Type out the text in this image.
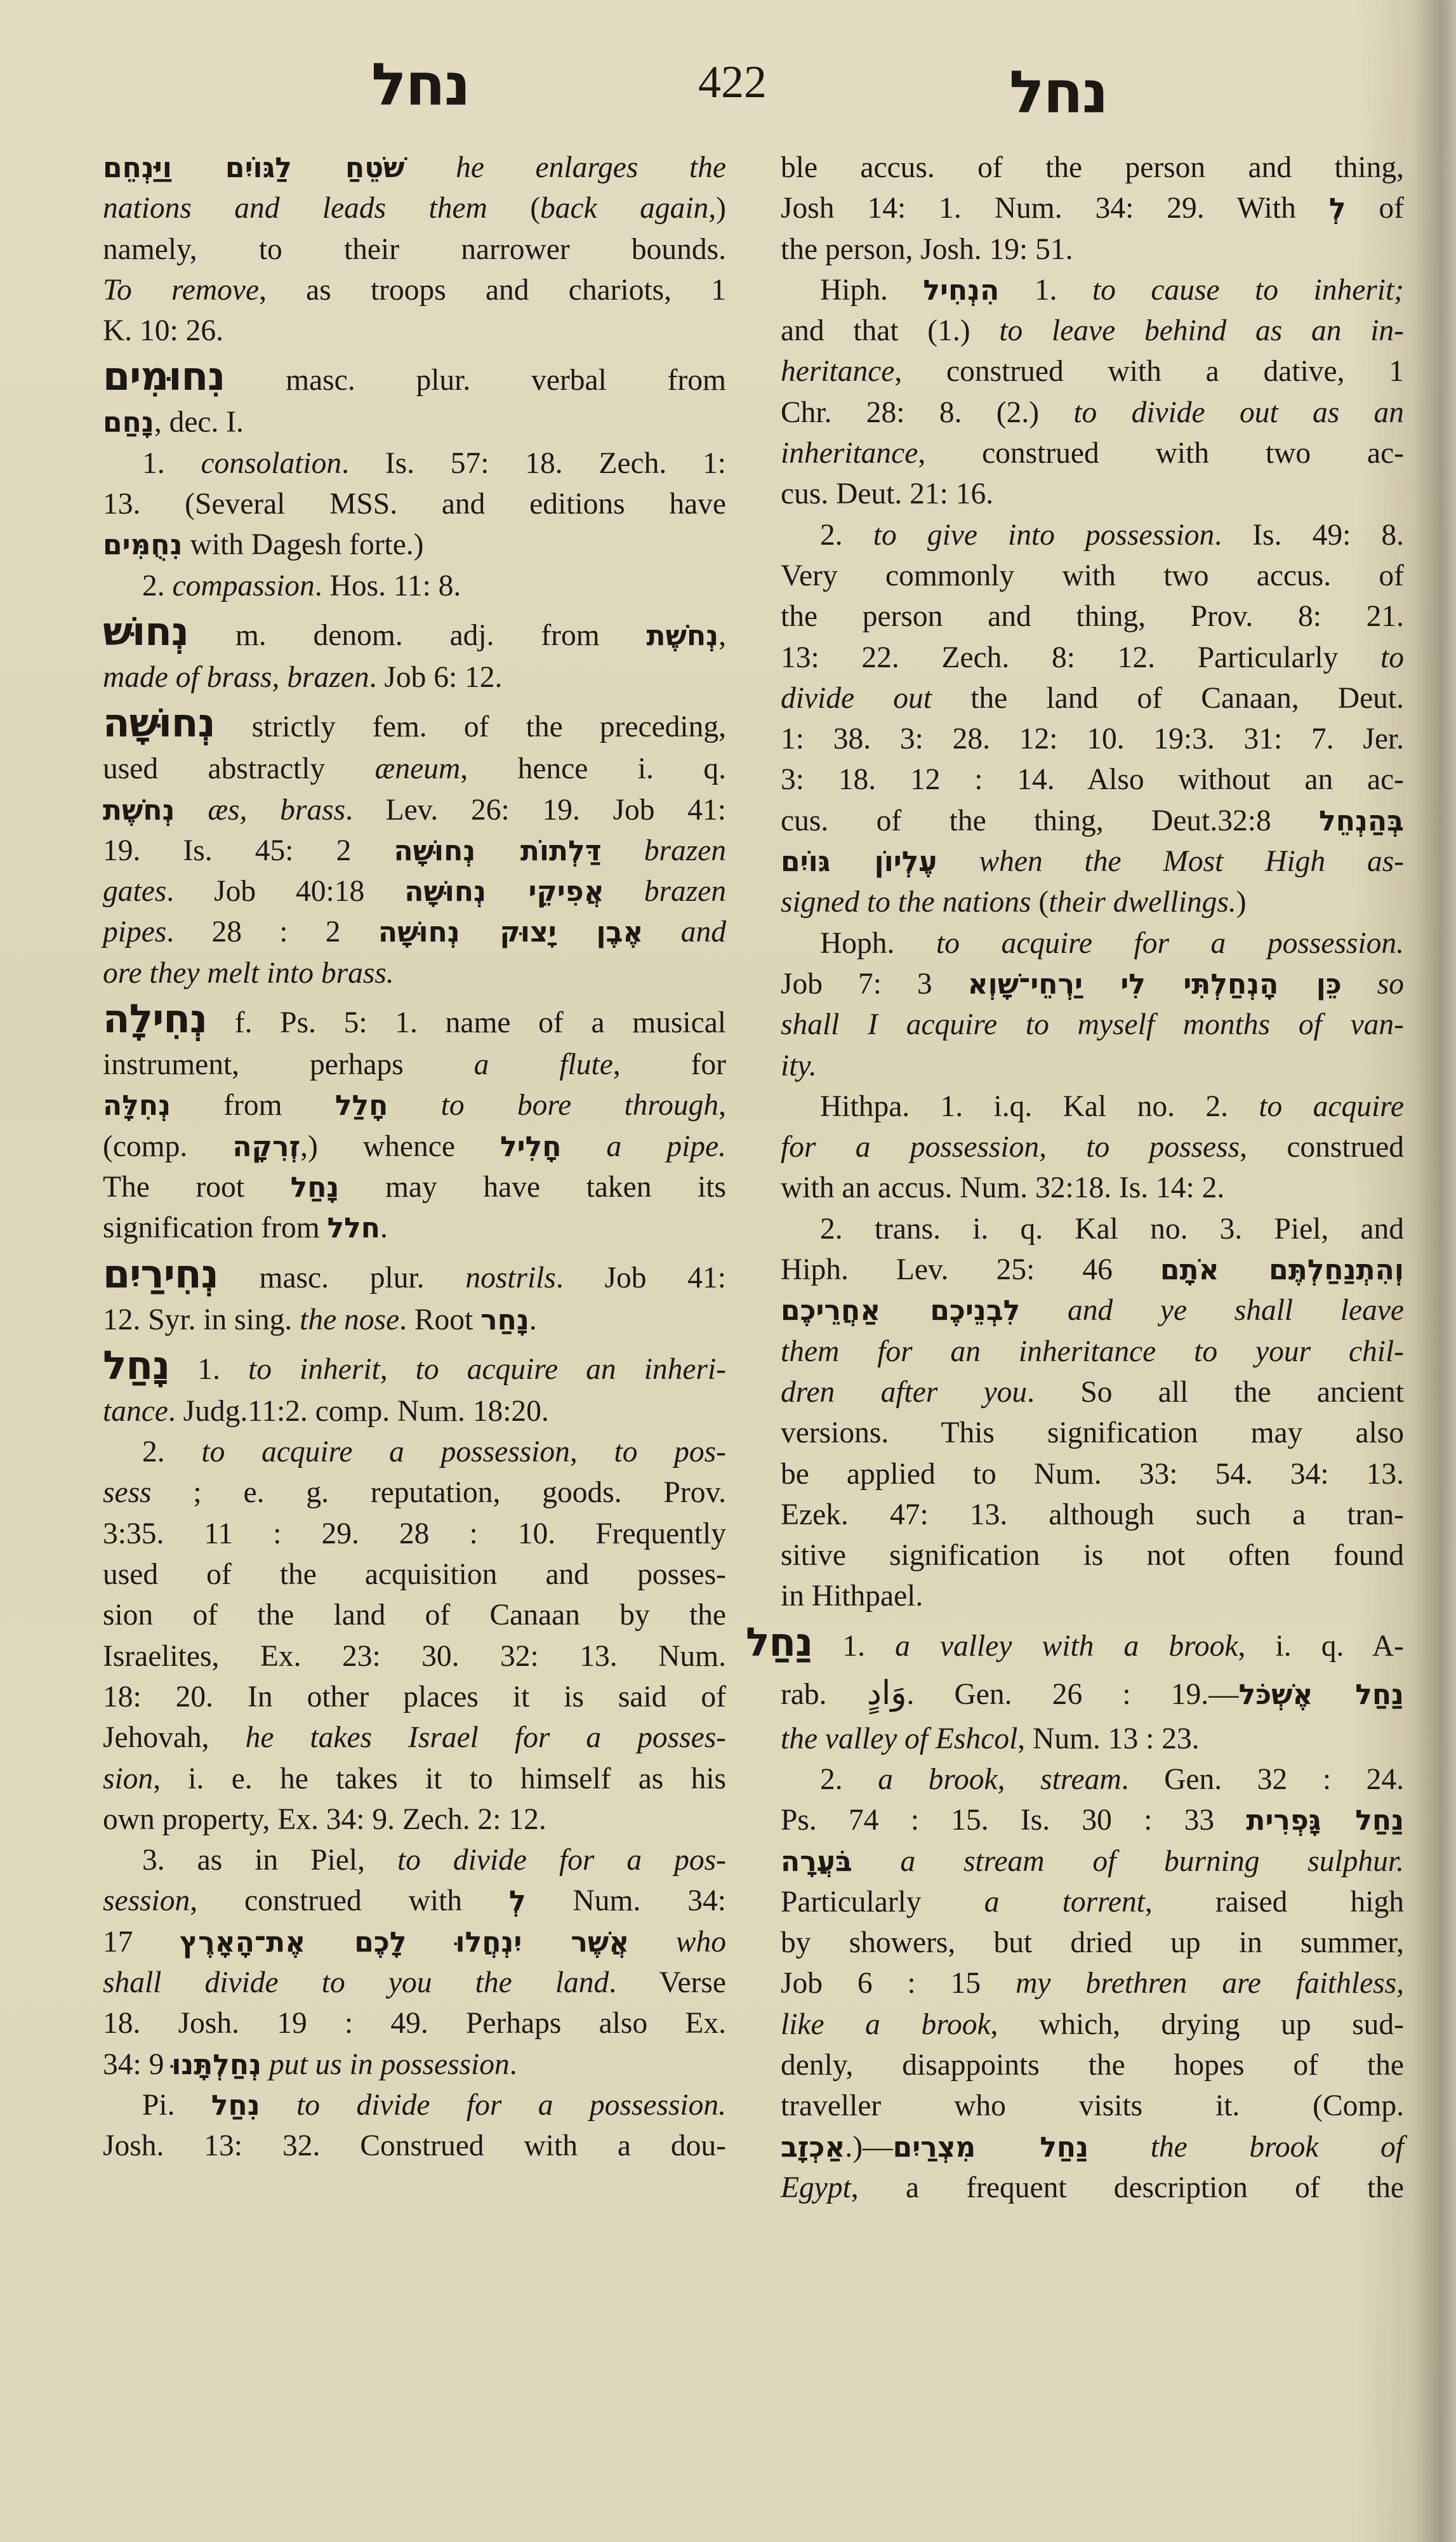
נחל	422	נחל
שֹׁטֵחַ לַגּוֹיִם וַיַּנְחֵם he enlarges the
nations and leads them (back again,)
namely, to their narrower bounds.
To remove, as troops and chariots, 1
K. 10: 26.
נִחוּמִים masc. plur. verbal from
נָחַם, dec. I.
1. consolation. Is. 57: 18. Zech. 1:
13. (Several MSS. and editions have
נִחֻמִּים with Dagesh forte.)
2. compassion. Hos. 11: 8.
נְחוּשׁ m. denom. adj. from נְחֹשֶׁת,
made of brass, brazen. Job 6: 12.
נְחוּשָׁה strictly fem. of the preceding,
used abstractly æneum, hence i. q.
נְחֹשֶׁת æs, brass. Lev. 26: 19. Job 41:
19. Is. 45: 2 דַּלְתוֹת נְחוּשָׁה brazen
gates. Job 40:18 אֲפִיקֵי נְחוּשָׁה brazen
pipes. 28 : 2 אֶבֶן יָצוּק נְחוּשָׁה and
ore they melt into brass.
נְחִילָה f. Ps. 5: 1. name of a musical
instrument, perhaps a flute, for
נְחִלָּה from חָלַל to bore through,
(comp. זְרִקָה,) whence חָלִיל a pipe.
The root נָחַל may have taken its
signification from חלל.
נְחִירַיִם masc. plur. nostrils. Job 41:
12. Syr. in sing. the nose. Root נָחַר.
נָחַל 1. to inherit, to acquire an inheri-
tance. Judg.11:2. comp. Num. 18:20.
2. to acquire a possession, to pos-
sess ; e. g. reputation, goods. Prov.
3:35. 11 : 29. 28 : 10. Frequently
used of the acquisition and posses-
sion of the land of Canaan by the
Israelites, Ex. 23: 30. 32: 13. Num.
18: 20. In other places it is said of
Jehovah, he takes Israel for a posses-
sion, i. e. he takes it to himself as his
own property, Ex. 34: 9. Zech. 2: 12.
3. as in Piel, to divide for a pos-
session, construed with לְ Num. 34:
17 אֲשֶׁר יִנְחֲלוּ לָכֶם אֶת־הָאָרֶץ who
shall divide to you the land. Verse
18. Josh. 19 : 49. Perhaps also Ex.
34: 9 נְחַלְתָּנוּ put us in possession.
Pi. נִחַל to divide for a possession.
Josh. 13: 32. Construed with a dou-
ble accus. of the person and thing,
Josh 14: 1. Num. 34: 29. With לְ of
the person, Josh. 19: 51.
Hiph. הִנְחִיל 1. to cause to inherit;
and that (1.) to leave behind as an in-
heritance, construed with a dative, 1
Chr. 28: 8. (2.) to divide out as an
inheritance, construed with two ac-
cus. Deut. 21: 16.
2. to give into possession. Is. 49: 8.
Very commonly with two accus. of
the person and thing, Prov. 8: 21.
13: 22. Zech. 8: 12. Particularly to
divide out the land of Canaan, Deut.
1: 38. 3: 28. 12: 10. 19:3. 31: 7. Jer.
3: 18. 12 : 14. Also without an ac-
cus. of the thing, Deut.32:8 בְּהַנְחֵל
עֶלְיוֹן גּוֹיִם when the Most High as-
signed to the nations (their dwellings.)
Hoph. to acquire for a possession.
Job 7: 3 כֵּן הָנְחַלְתִּי לִי יַרְחֵי־שָׁוְא so
shall I acquire to myself months of van-
ity.
Hithpa. 1. i.q. Kal no. 2. to acquire
for a possession, to possess, construed
with an accus. Num. 32:18. Is. 14: 2.
2. trans. i. q. Kal no. 3. Piel, and
Hiph. Lev. 25: 46 וְהִתְנַחַלְתֶּם אֹתָם
לִבְנֵיכֶם אַחֲרֵיכֶם and ye shall leave
them for an inheritance to your chil-
dren after you. So all the ancient
versions. This signification may also
be applied to Num. 33: 54. 34: 13.
Ezek. 47: 13. although such a tran-
sitive signification is not often found
in Hithpael.
נַחַל 1. a valley with a brook, i. q. A-
rab. وَادٍ. Gen. 26 : 19.—נַחַל אֶשְׁכֹּל
the valley of Eshcol, Num. 13 : 23.
2. a brook, stream. Gen. 32 : 24.
Ps. 74 : 15. Is. 30 : 33 נַחַל גָּפְרִית
בֹּעֲרָה a stream of burning sulphur.
Particularly a torrent, raised high
by showers, but dried up in summer,
Job 6 : 15 my brethren are faithless,
like a brook, which, drying up sud-
denly, disappoints the hopes of the
traveller who visits it. (Comp.
אַכְזָב.)—נַחַל מִצְרַיִם the brook of
Egypt, a frequent description of the
